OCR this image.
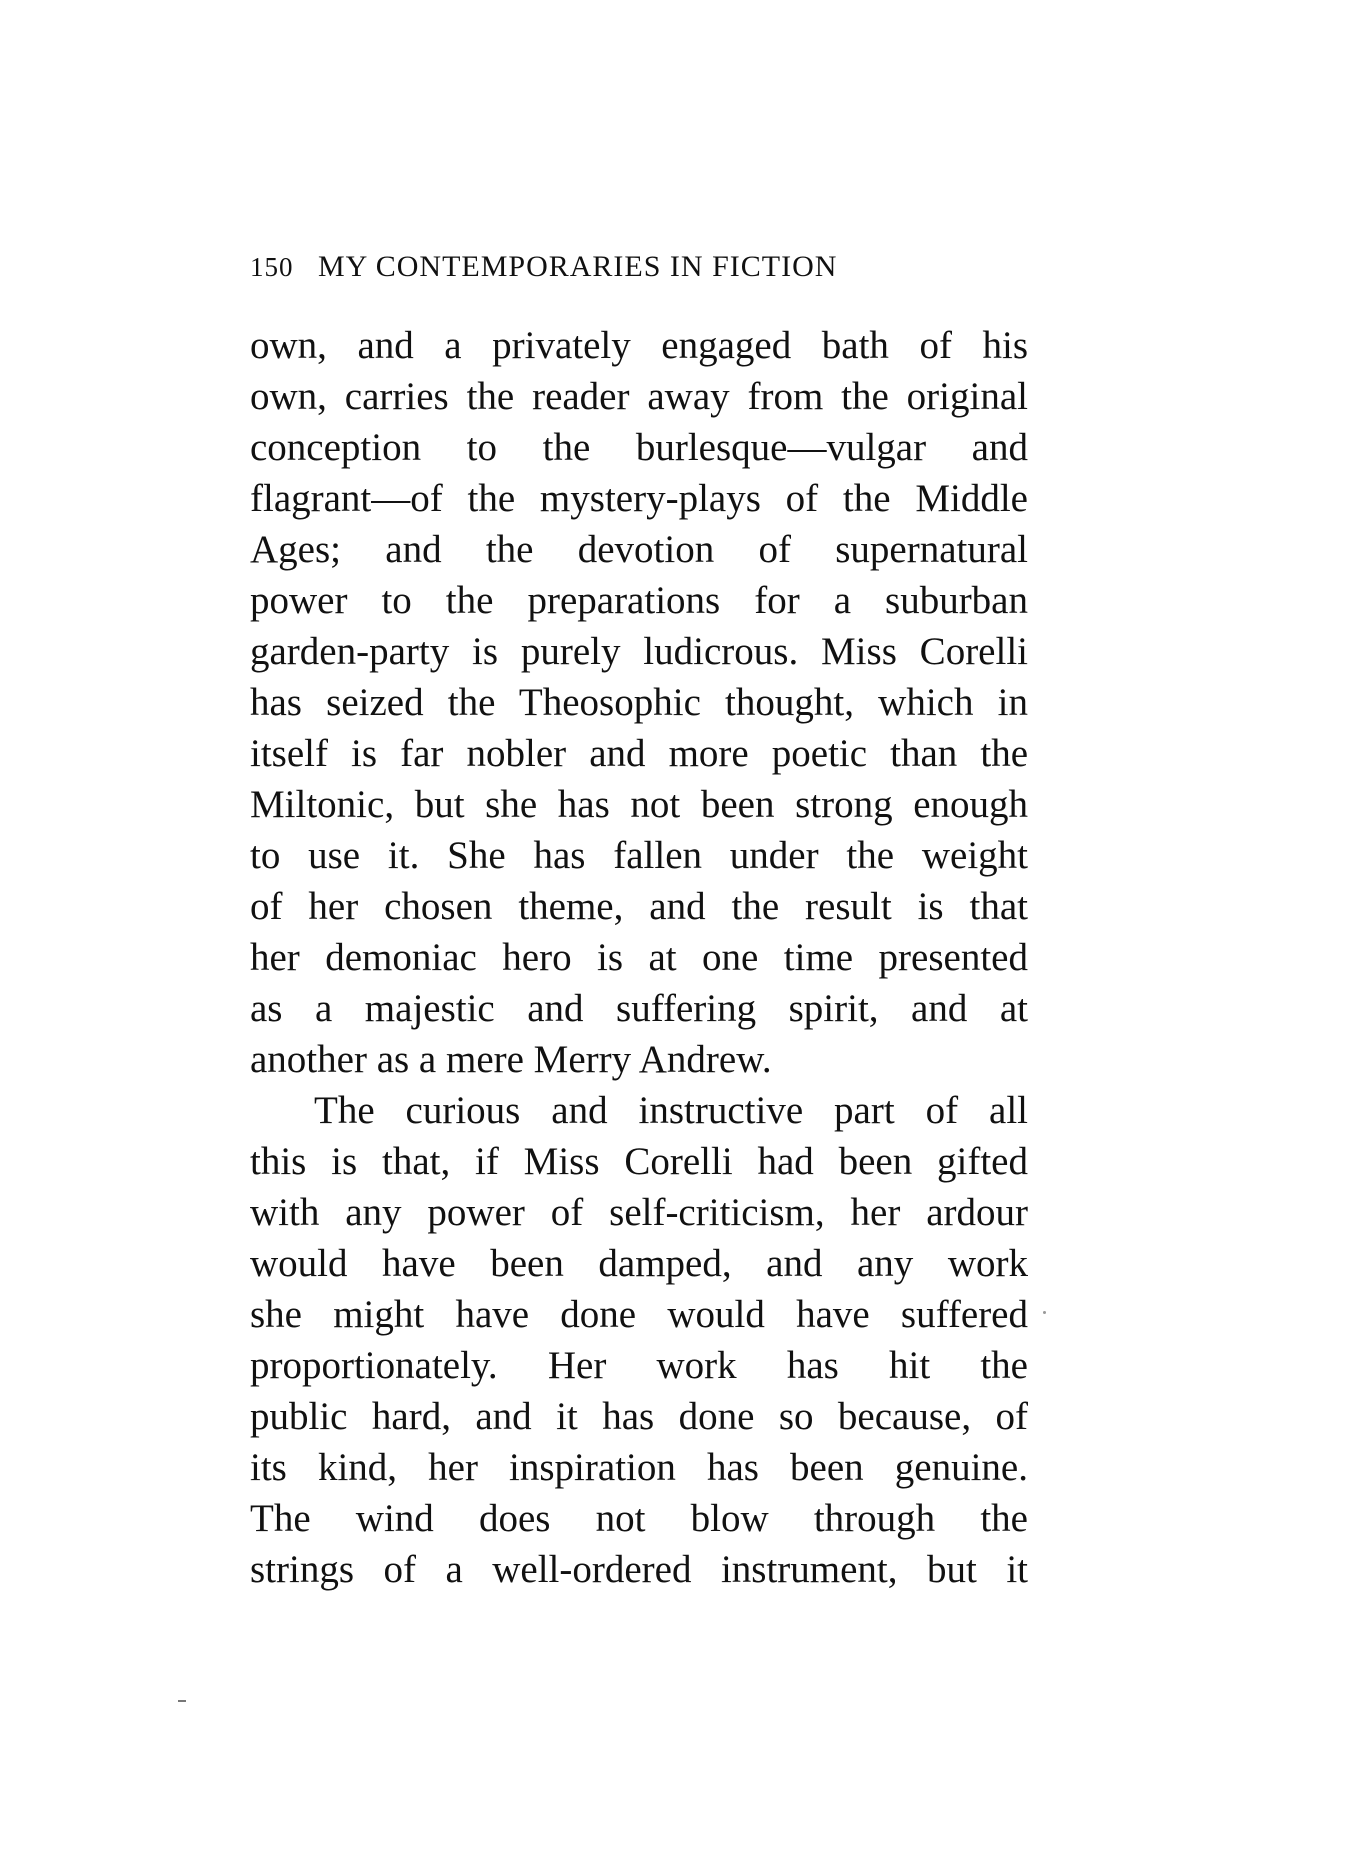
150 MY CONTEMPORARIES IN FICTION
own, and a privately engaged bath of his
own, carries the reader away from the original
conception to the burlesque—vulgar and
flagrant—of the mystery-plays of the Middle
Ages; and the devotion of supernatural
power to the preparations for a suburban
garden-party is purely ludicrous. Miss Corelli
has seized the Theosophic thought, which in
itself is far nobler and more poetic than the
Miltonic, but she has not been strong enough
to use it. She has fallen under the weight
of her chosen theme, and the result is that
her demoniac hero is at one time presented
as a majestic and suffering spirit, and at
another as a mere Merry Andrew.
The curious and instructive part of all
this is that, if Miss Corelli had been gifted
with any power of self-criticism, her ardour
would have been damped, and any work
she might have done would have suffered
proportionately. Her work has hit the
public hard, and it has done so because, of
its kind, her inspiration has been genuine.
The wind does not blow through the
strings of a well-ordered instrument, but it
